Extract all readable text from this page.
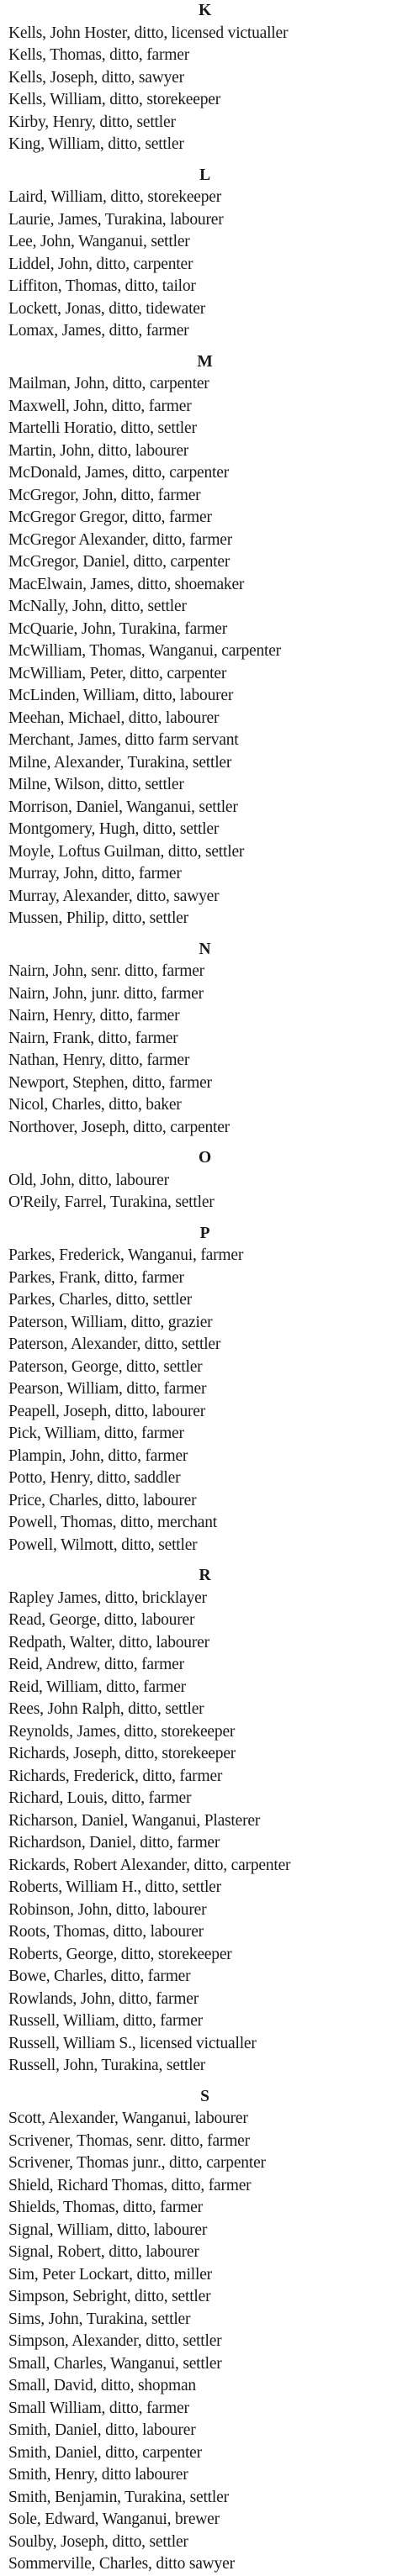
K
Kells, John Hoster, ditto, licensed victualler
Kells, Thomas, ditto, farmer
Kells, Joseph, ditto, sawyer
Kells, William, ditto, storekeeper
Kirby, Henry, ditto, settler
King, William, ditto, settler
L
Laird, William, ditto, storekeeper
Laurie, James, Turakina, labourer
Lee, John, Wanganui, settler
Liddel, John, ditto, carpenter
Liffiton, Thomas, ditto, tailor
Lockett, Jonas, ditto, tidewater
Lomax, James, ditto, farmer
M
Mailman, John, ditto, carpenter
Maxwell, John, ditto, farmer
Martelli Horatio, ditto, settler
Martin, John, ditto, labourer
McDonald, James, ditto, carpenter
McGregor, John, ditto, farmer
McGregor Gregor, ditto, farmer
McGregor Alexander, ditto, farmer
McGregor, Daniel, ditto, carpenter
MacElwain, James, ditto, shoemaker
McNally, John, ditto, settler
McQuarie, John, Turakina, farmer
McWilliam, Thomas, Wanganui, carpenter
McWilliam, Peter, ditto, carpenter
McLinden, William, ditto, labourer
Meehan, Michael, ditto, labourer
Merchant, James, ditto farm servant
Milne, Alexander, Turakina, settler
Milne, Wilson, ditto, settler
Morrison, Daniel, Wanganui, settler
Montgomery, Hugh, ditto, settler
Moyle, Loftus Guilman, ditto, settler
Murray, John, ditto, farmer
Murray, Alexander, ditto, sawyer
Mussen, Philip, ditto, settler
N
Nairn, John, senr. ditto, farmer
Nairn, John, junr. ditto, farmer
Nairn, Henry, ditto, farmer
Nairn, Frank, ditto, farmer
Nathan, Henry, ditto, farmer
Newport, Stephen, ditto, farmer
Nicol, Charles, ditto, baker
Northover, Joseph, ditto, carpenter
O
Old, John, ditto, labourer
O'Reily, Farrel, Turakina, settler
P
Parkes, Frederick, Wanganui, farmer
Parkes, Frank, ditto, farmer
Parkes, Charles, ditto, settler
Paterson, William, ditto, grazier
Paterson, Alexander, ditto, settler
Paterson, George, ditto, settler
Pearson, William, ditto, farmer
Peapell, Joseph, ditto, labourer
Pick, William, ditto, farmer
Plampin, John, ditto, farmer
Potto, Henry, ditto, saddler
Price, Charles, ditto, labourer
Powell, Thomas, ditto, merchant
Powell, Wilmott, ditto, settler
R
Rapley James, ditto, bricklayer
Read, George, ditto, labourer
Redpath, Walter, ditto, labourer
Reid, Andrew, ditto, farmer
Reid, William, ditto, farmer
Rees, John Ralph, ditto, settler
Reynolds, James, ditto, storekeeper
Richards, Joseph, ditto, storekeeper
Richards, Frederick, ditto, farmer
Richard, Louis, ditto, farmer
Richarson, Daniel, Wanganui, Plasterer
Richardson, Daniel, ditto, farmer
Rickards, Robert Alexander, ditto, carpenter
Roberts, William H., ditto, settler
Robinson, John, ditto, labourer
Roots, Thomas, ditto, labourer
Roberts, George, ditto, storekeeper
Bowe, Charles, ditto, farmer
Rowlands, John, ditto, farmer
Russell, William, ditto, farmer
Russell, William S., licensed victualler
Russell, John, Turakina, settler
S
Scott, Alexander, Wanganui, labourer
Scrivener, Thomas, senr. ditto, farmer
Scrivener, Thomas junr., ditto, carpenter
Shield, Richard Thomas, ditto, farmer
Shields, Thomas, ditto, farmer
Signal, William, ditto, labourer
Signal, Robert, ditto, labourer
Sim, Peter Lockart, ditto, miller
Simpson, Sebright, ditto, settler
Sims, John, Turakina, settler
Simpson, Alexander, ditto, settler
Small, Charles, Wanganui, settler
Small, David, ditto, shopman
Small William, ditto, farmer
Smith, Daniel, ditto, labourer
Smith, Daniel, ditto, carpenter
Smith, Henry, ditto labourer
Smith, Benjamin, Turakina, settler
Sole, Edward, Wanganui, brewer
Soulby, Joseph, ditto, settler
Sommerville, Charles, ditto sawyer
